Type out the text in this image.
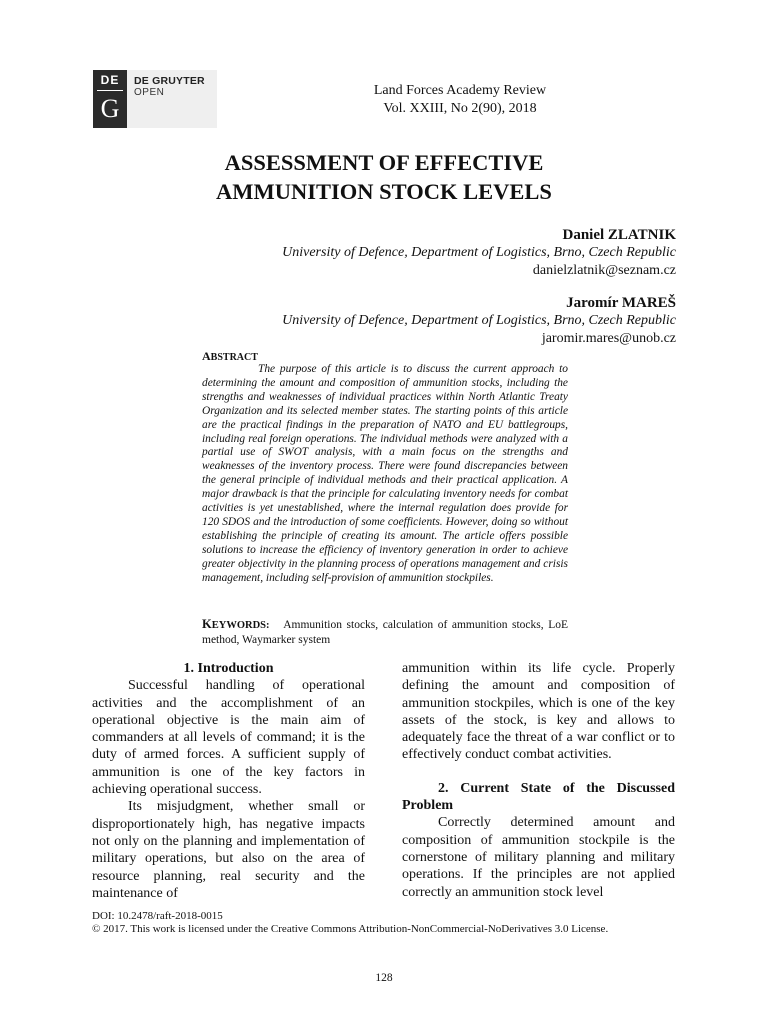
DE
G
DE GRUYTER
OPEN	Land Forces Academy Review
Vol. XXIII, No 2(90), 2018
ASSESSMENT OF EFFECTIVE
AMMUNITION STOCK LEVELS
Daniel ZLATNIK
University of Defence, Department of Logistics, Brno, Czech Republic
danielzlatnik@seznam.cz
Jaromír MAREŠ
University of Defence, Department of Logistics, Brno, Czech Republic
jaromir.mares@unob.cz
ABSTRACT
The purpose of this article is to discuss the current approach to determining the amount and composition of ammunition stocks, including the strengths and weaknesses of individual practices within North Atlantic Treaty Organization and its selected member states. The starting points of this article are the practical findings in the preparation of NATO and EU battlegroups, including real foreign operations. The individual methods were analyzed with a partial use of SWOT analysis, with a main focus on the strengths and weaknesses of the inventory process. There were found discrepancies between the general principle of individual methods and their practical application. A major drawback is that the principle for calculating inventory needs for combat activities is yet unestablished, where the internal regulation does provide for 120 SDOS and the introduction of some coefficients. However, doing so without establishing the principle of creating its amount. The article offers possible solutions to increase the efficiency of inventory generation in order to achieve greater objectivity in the planning process of operations management and crisis management, including self-provision of ammunition stockpiles.
KEYWORDS: Ammunition stocks, calculation of ammunition stocks, LoE method, Waymarker system
1. Introduction

Successful handling of operational activities and the accomplishment of an operational objective is the main aim of commanders at all levels of command; it is the duty of armed forces. A sufficient supply of ammunition is one of the key factors in achieving operational success.

Its misjudgment, whether small or disproportionately high, has negative impacts not only on the planning and implementation of military operations, but also on the area of resource planning, real security and the maintenance of

ammunition within its life cycle. Properly defining the amount and composition of ammunition stockpiles, which is one of the key assets of the stock, is key and allows to adequately face the threat of a war conflict or to effectively conduct combat activities.

2. Current State of the Discussed Problem

Correctly determined amount and composition of ammunition stockpile is the cornerstone of military planning and military operations. If the principles are not applied correctly an ammunition stock level

DOI: 10.2478/raft-2018-0015
© 2017. This work is licensed under the Creative Commons Attribution-NonCommercial-NoDerivatives 3.0 License.
128
